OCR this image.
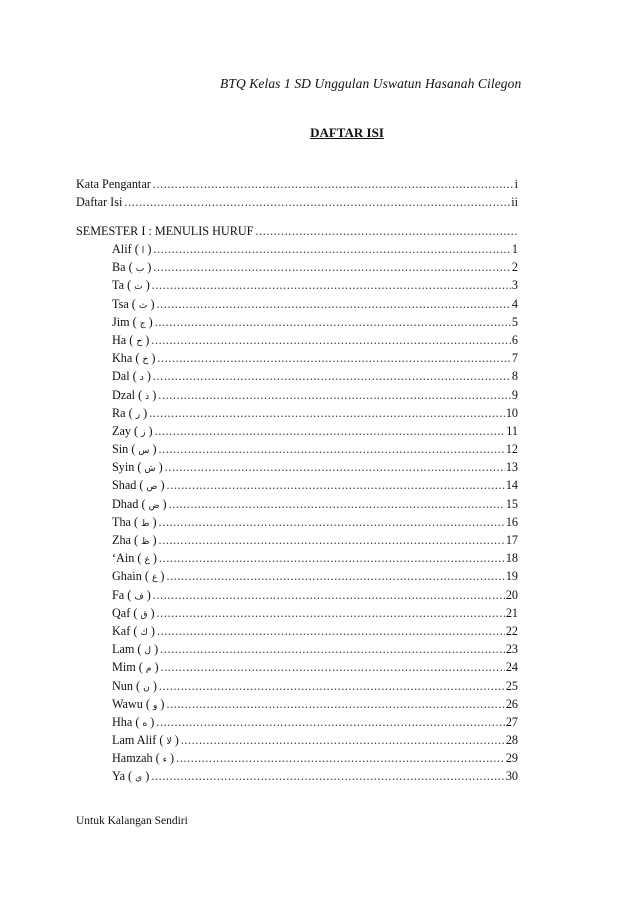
BTQ Kelas 1 SD Unggulan Uswatun Hasanah Cilegon
DAFTAR ISI
Kata Pengantar .....	i
Daftar Isi .....	ii
SEMESTER I : MENULIS HURUF
.....
Alif ( ا ) .....	1
Ba ( ب ) .....	2
Ta ( ت ) .....	3
Tsa ( ث ) .....	4
Jim ( ج ) .....	5
Ha ( ح ) .....	6
Kha ( خ ) .....	7
Dal ( د ) .....	8
Dzal ( ذ ) .....	9
Ra ( ر ) .....	10
Zay ( ز ) .....	11
Sin ( س ) .....	12
Syin ( ش ) .....	13
Shad ( ص ) .....	14
Dhad ( ض ) .....	15
Tha ( ط ) .....	16
Zha ( ظ ) .....	17
‘Ain ( ع ) .....	18
Ghain ( غ ) .....	19
Fa ( ف ) .....	20
Qaf ( ق ) .....	21
Kaf ( ك ) .....	22
Lam ( ل ) .....	23
Mim ( م ) .....	24
Nun ( ن ) .....	25
Wawu ( و ) .....	26
Hha ( ه ) .....	27
Lam Alif ( لا ) .....	28
Hamzah ( ء ) .....	29
Ya ( ي ) .....	30
Untuk Kalangan Sendiri
